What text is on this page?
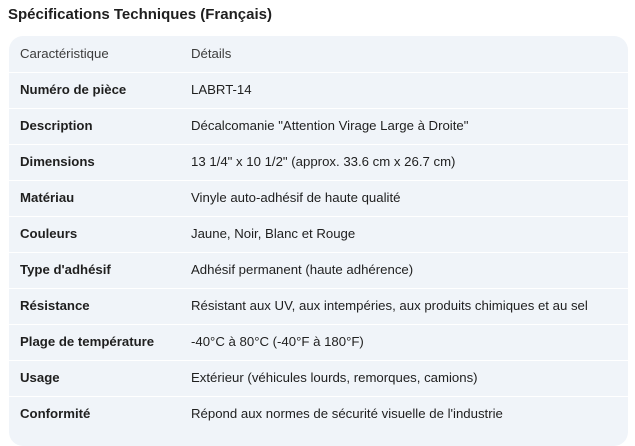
Spécifications Techniques (Français)
Caractéristique	Détails
Numéro de pièce	LABRT-14
Description	Décalcomanie "Attention Virage Large à Droite"
Dimensions	13 1/4" x 10 1/2" (approx. 33.6 cm x 26.7 cm)
Matériau	Vinyle auto-adhésif de haute qualité
Couleurs	Jaune, Noir, Blanc et Rouge
Type d'adhésif	Adhésif permanent (haute adhérence)
Résistance	Résistant aux UV, aux intempéries, aux produits chimiques et au sel
Plage de température	-40°C à 80°C (-40°F à 180°F)
Usage	Extérieur (véhicules lourds, remorques, camions)
Conformité	Répond aux normes de sécurité visuelle de l'industrie
